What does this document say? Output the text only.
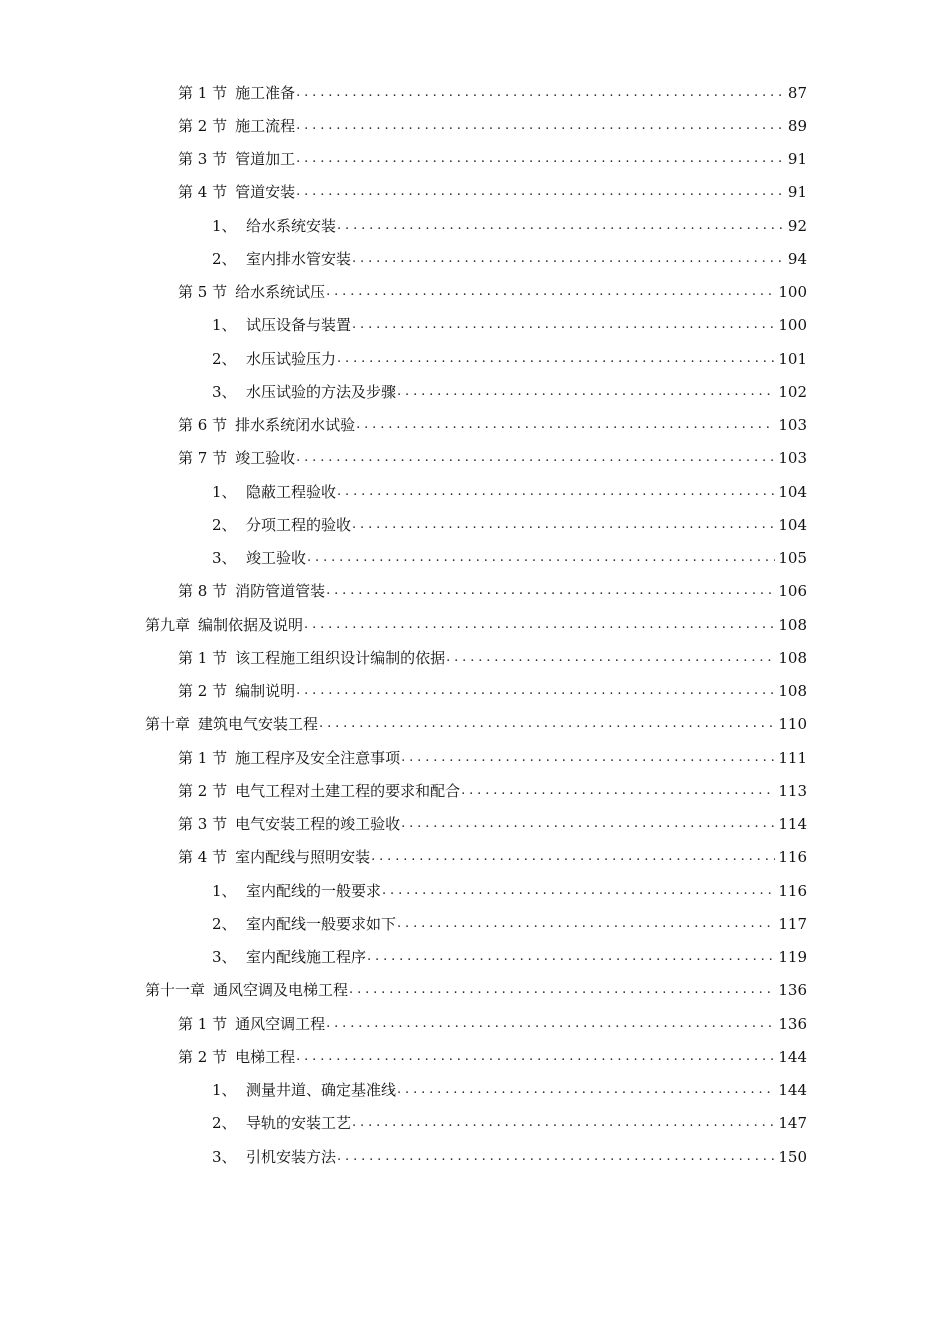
第 1 节 施工准备 .....	87
第 2 节 施工流程 .....	89
第 3 节 管道加工 .....	91
第 4 节 管道安装 .....	91
1、 给水系统安装 .....	92
2、 室内排水管安装 .....	94
第 5 节 给水系统试压 .....	100
1、 试压设备与装置 .....	100
2、 水压试验压力 .....	101
3、 水压试验的方法及步骤 .....	102
第 6 节 排水系统闭水试验 .....	103
第 7 节 竣工验收 .....	103
1、 隐蔽工程验收 .....	104
2、 分项工程的验收 .....	104
3、 竣工验收 .....	105
第 8 节 消防管道管装 .....	106
第九章 编制依据及说明 .....	108
第 1 节 该工程施工组织设计编制的依据 .....	108
第 2 节 编制说明 .....	108
第十章 建筑电气安装工程 .....	110
第 1 节 施工程序及安全注意事项 .....	111
第 2 节 电气工程对土建工程的要求和配合 .....	113
第 3 节 电气安装工程的竣工验收 .....	114
第 4 节 室内配线与照明安装 .....	116
1、 室内配线的一般要求 .....	116
2、 室内配线一般要求如下 .....	117
3、 室内配线施工程序 .....	119
第十一章 通风空调及电梯工程 .....	136
第 1 节 通风空调工程 .....	136
第 2 节 电梯工程 .....	144
1、 测量井道、确定基准线 .....	144
2、 导轨的安装工艺 .....	147
3、 引机安装方法 .....	150
